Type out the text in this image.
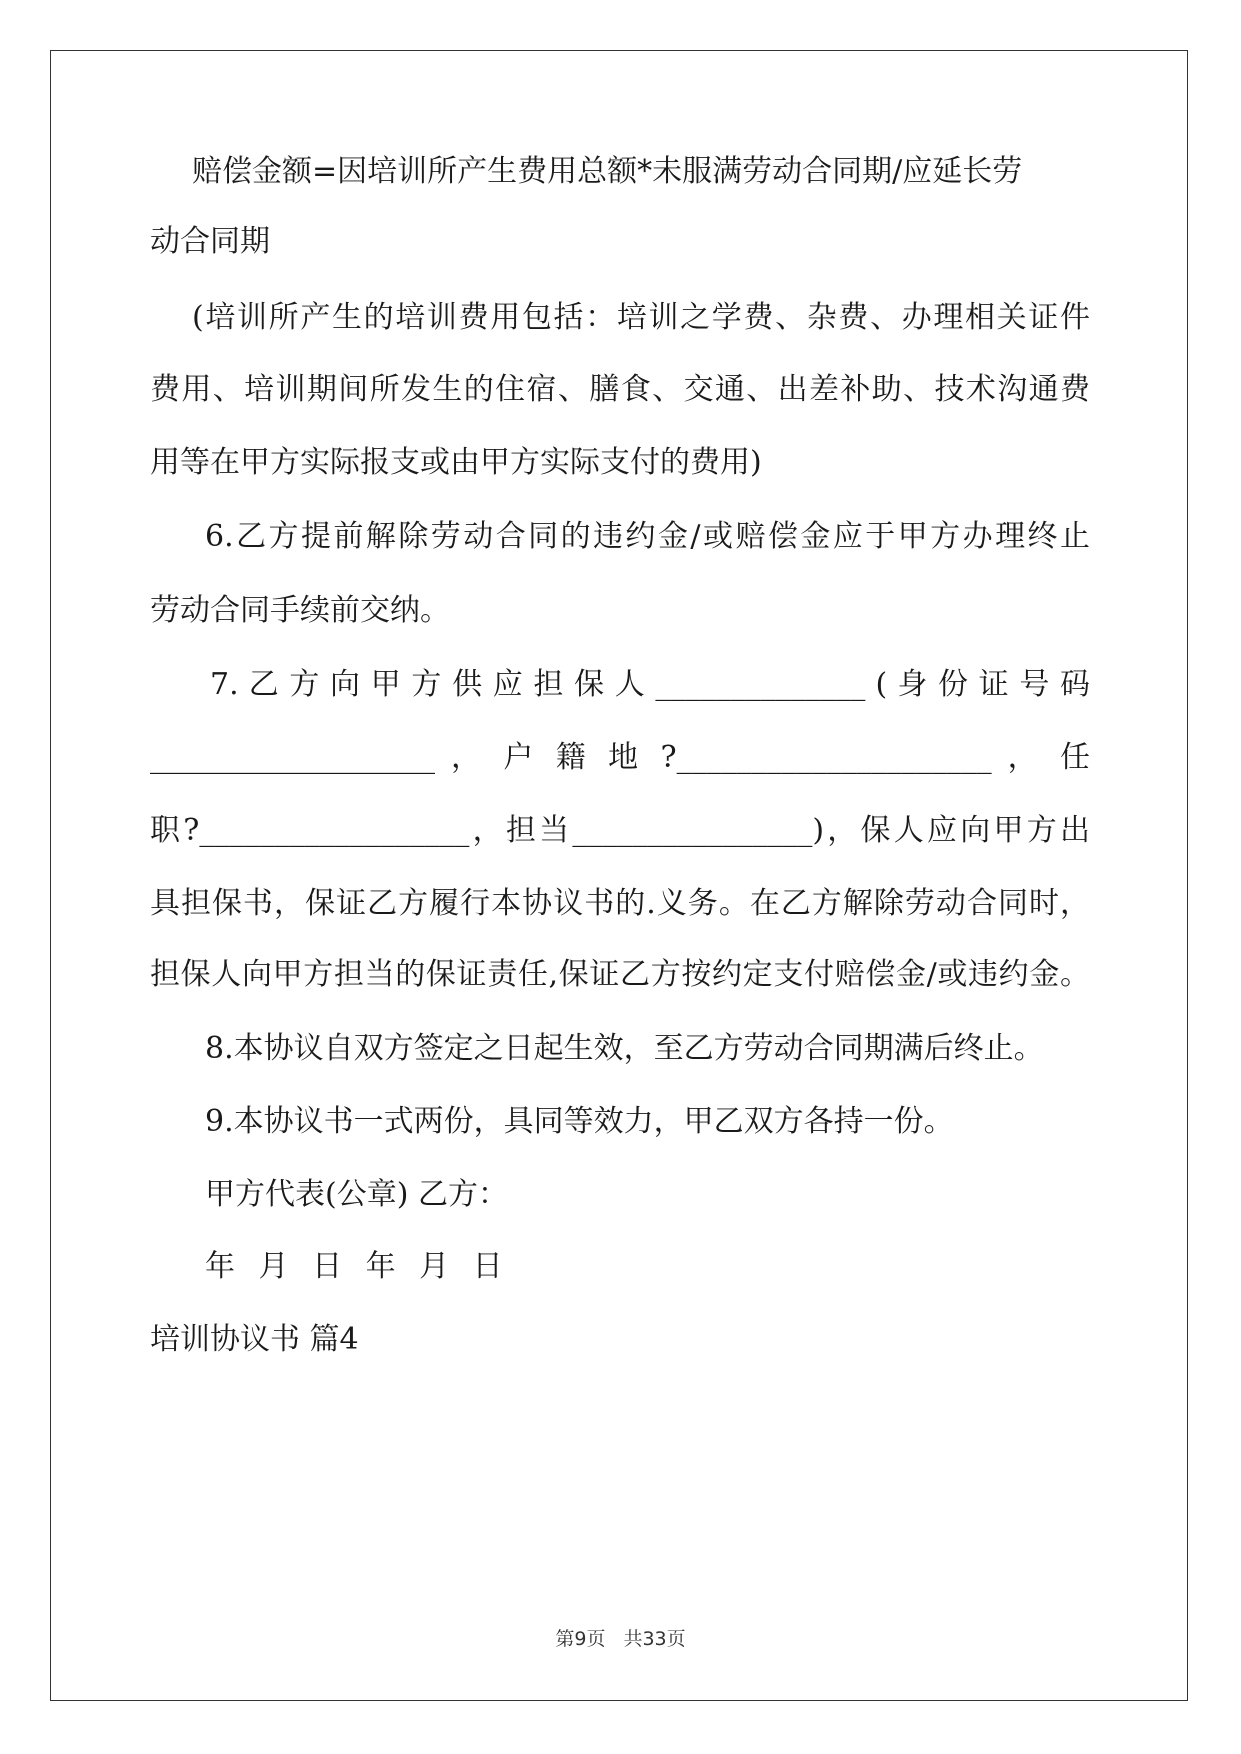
赔偿金额=因培训所产生费用总额*未服满劳动合同期/应延长劳
动合同期
(培训所产生的培训费用包括：培训之学费、杂费、办理相关证件
费用、培训期间所发生的住宿、膳食、交通、出差补助、技术沟通费
用等在甲方实际报支或由甲方实际支付的费用)
6.乙方提前解除劳动合同的违约金/或赔偿金应于甲方办理终止
劳动合同手续前交纳。
7. 乙 方 向 甲 方 供 应 担 保 人 ______________ ( 身 份 证 号 码
___________________ ， 户 籍 地 ?_____________________ ， 任
职?__________________，担当________________)，保人应向甲方出
具担保书，保证乙方履行本协议书的.义务。在乙方解除劳动合同时，
担保人向甲方担当的保证责任,保证乙方按约定支付赔偿金/或违约金。
8.本协议自双方签定之日起生效，至乙方劳动合同期满后终止。
9.本协议书一式两份，具同等效力，甲乙双方各持一份。
甲方代表(公章) 乙方：
年 月 日 年 月 日
培训协议书 篇4
第9页 共33页
